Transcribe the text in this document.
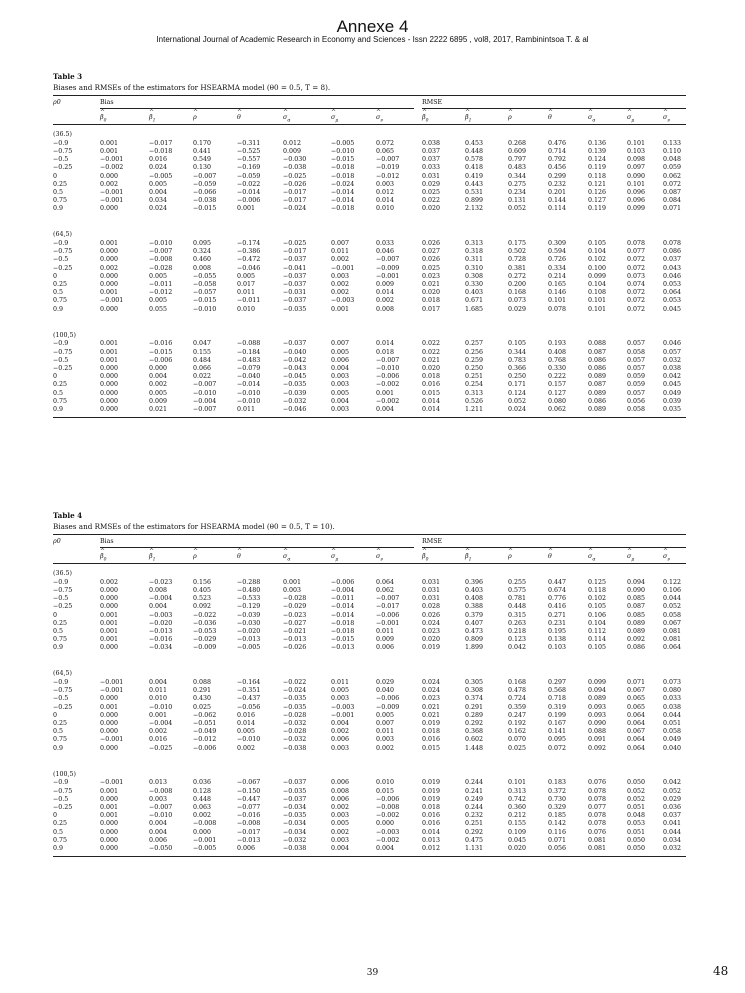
Annexe 4
International Journal of Academic Research in Economy and Sciences - Issn 2222 6895 , vol8, 2017, Rambinintsoa T. & al
Table 3
Biases and RMSEs of the estimators for HSEARMA model (θ0 = 0.5, T = 8).
ρ0	Bias	RMSE
^ $\beta_0$	^ $\beta_1$	^ ρ	^ θ	^ $\sigma_\alpha$	^ $\sigma_\mu$	^ $\sigma_\nu$	^ $\beta_0$	^ $\beta_1$	^ ρ	^ θ	^ $\sigma_\alpha$	^ $\sigma_\mu$	^ $\sigma_\nu$
(36.5)
−0.9	0.001	−0.017	0.170	−0.311	0.012	−0.005	0.072	0.038	0.453	0.268	0.476	0.136	0.101	0.133
−0.75	0.001	−0.018	0.441	−0.525	0.009	−0.010	0.065	0.037	0.448	0.609	0.714	0.139	0.103	0.110
−0.5	−0.001	0.016	0.549	−0.557	−0.030	−0.015	−0.007	0.037	0.578	0.797	0.792	0.124	0.098	0.048
−0.25	−0.002	0.024	0.130	−0.169	−0.038	−0.018	−0.019	0.033	0.418	0.483	0.456	0.119	0.097	0.059
0	0.000	−0.005	−0.007	−0.059	−0.025	−0.018	−0.012	0.031	0.419	0.344	0.299	0.118	0.090	0.062
0.25	0.002	0.005	−0.059	−0.022	−0.026	−0.024	0.003	0.029	0.443	0.275	0.232	0.121	0.101	0.072
0.5	−0.001	0.004	−0.066	−0.014	−0.017	−0.014	0.012	0.025	0.531	0.234	0.201	0.126	0.096	0.087
0.75	−0.001	0.034	−0.038	−0.006	−0.017	−0.014	0.014	0.022	0.899	0.131	0.144	0.127	0.096	0.084
0.9	0.000	0.024	−0.015	0.001	−0.024	−0.018	0.010	0.020	2.132	0.052	0.114	0.119	0.099	0.071
(64,5)
−0.9	0.001	−0.010	0.095	−0.174	−0.025	0.007	0.033	0.026	0.313	0.175	0.309	0.105	0.078	0.078
−0.75	0.000	−0.007	0.324	−0.386	−0.017	0.011	0.046	0.027	0.318	0.502	0.594	0.104	0.077	0.086
−0.5	0.000	−0.008	0.460	−0.472	−0.037	0.002	−0.007	0.026	0.311	0.728	0.726	0.102	0.072	0.037
−0.25	0.002	−0.028	0.008	−0.046	−0.041	−0.001	−0.009	0.025	0.310	0.381	0.334	0.100	0.072	0.043
0	0.000	0.005	−0.055	0.005	−0.037	0.003	−0.001	0.023	0.308	0.272	0.214	0.099	0.073	0.046
0.25	0.000	−0.011	−0.058	0.017	−0.037	0.002	0.009	0.021	0.330	0.200	0.165	0.104	0.074	0.053
0.5	0.001	−0.012	−0.057	0.011	−0.031	0.002	0.014	0.020	0.403	0.168	0.146	0.108	0.072	0.064
0.75	−0.001	0.005	−0.015	−0.011	−0.037	−0.003	0.002	0.018	0.671	0.073	0.101	0.101	0.072	0.053
0.9	0.000	0.055	−0.010	0.010	−0.035	0.001	0.008	0.017	1.685	0.029	0.078	0.101	0.072	0.045
(100,5)
−0.9	0.001	−0.016	0.047	−0.088	−0.037	0.007	0.014	0.022	0.257	0.105	0.193	0.088	0.057	0.046
−0.75	0.001	−0.015	0.155	−0.184	−0.040	0.005	0.018	0.022	0.256	0.344	0.408	0.087	0.058	0.057
−0.5	0.001	−0.006	0.484	−0.483	−0.042	0.006	−0.007	0.021	0.259	0.783	0.768	0.086	0.057	0.032
−0.25	0.000	0.000	0.066	−0.079	−0.043	0.004	−0.010	0.020	0.250	0.366	0.330	0.086	0.057	0.038
0	0.000	0.004	0.022	−0.040	−0.045	0.003	−0.006	0.018	0.251	0.250	0.222	0.089	0.059	0.042
0.25	0.000	0.002	−0.007	−0.014	−0.035	0.003	−0.002	0.016	0.254	0.171	0.157	0.087	0.059	0.045
0.5	0.000	0.005	−0.010	−0.010	−0.039	0.005	0.001	0.015	0.313	0.124	0.127	0.089	0.057	0.049
0.75	0.000	0.009	−0.004	−0.010	−0.032	0.004	−0.002	0.014	0.526	0.052	0.080	0.086	0.056	0.039
0.9	0.000	0.021	−0.007	0.011	−0.046	0.003	0.004	0.014	1.211	0.024	0.062	0.089	0.058	0.035
Table 4
Biases and RMSEs of the estimators for HSEARMA model (θ0 = 0.5, T = 10).
ρ0	Bias	RMSE
^ $\beta_0$	^ $\beta_1$	^ ρ	^ θ	^ $\sigma_\alpha$	^ $\sigma_\mu$	^ $\sigma_\nu$	^ $\beta_0$	^ $\beta_1$	^ ρ	^ θ	^ $\sigma_\alpha$	^ $\sigma_\mu$	^ $\sigma_\nu$
(36.5)
−0.9	0.002	−0.023	0.156	−0.288	0.001	−0.006	0.064	0.031	0.396	0.255	0.447	0.125	0.094	0.122
−0.75	0.000	0.008	0.405	−0.480	0.003	−0.004	0.062	0.031	0.403	0.575	0.674	0.118	0.090	0.106
−0.5	0.000	−0.004	0.523	−0.533	−0.028	−0.011	−0.007	0.031	0.408	0.781	0.776	0.102	0.085	0.044
−0.25	0.000	0.004	0.092	−0.129	−0.029	−0.014	−0.017	0.028	0.388	0.448	0.416	0.105	0.087	0.052
0	0.001	−0.003	−0.022	−0.039	−0.023	−0.014	−0.006	0.026	0.379	0.315	0.271	0.106	0.085	0.058
0.25	0.001	−0.020	−0.036	−0.030	−0.027	−0.018	−0.001	0.024	0.407	0.263	0.231	0.104	0.089	0.067
0.5	0.001	−0.013	−0.053	−0.020	−0.021	−0.018	0.011	0.023	0.473	0.218	0.195	0.112	0.089	0.081
0.75	0.001	−0.016	−0.029	−0.013	−0.013	−0.015	0.009	0.020	0.809	0.123	0.138	0.114	0.092	0.081
0.9	0.000	−0.034	−0.009	−0.005	−0.026	−0.013	0.006	0.019	1.899	0.042	0.103	0.105	0.086	0.064
(64,5)
−0.9	−0.001	0.004	0.088	−0.164	−0.022	0.011	0.029	0.024	0.305	0.168	0.297	0.099	0.071	0.073
−0.75	−0.001	0.011	0.291	−0.351	−0.024	0.005	0.040	0.024	0.308	0.478	0.568	0.094	0.067	0.080
−0.5	0.000	0.010	0.430	−0.437	−0.035	0.003	−0.006	0.023	0.374	0.724	0.718	0.089	0.065	0.033
−0.25	0.001	−0.010	0.025	−0.056	−0.035	−0.003	−0.009	0.021	0.291	0.359	0.319	0.093	0.065	0.038
0	0.000	0.001	−0.062	0.016	−0.028	−0.001	0.005	0.021	0.289	0.247	0.199	0.093	0.064	0.044
0.25	0.000	−0.004	−0.051	0.014	−0.032	0.004	0.007	0.019	0.292	0.192	0.167	0.090	0.064	0.051
0.5	0.000	0.002	−0.049	0.005	−0.028	0.002	0.011	0.018	0.368	0.162	0.141	0.088	0.067	0.058
0.75	−0.001	0.016	−0.012	−0.010	−0.032	0.006	0.003	0.016	0.602	0.070	0.095	0.091	0.064	0.049
0.9	0.000	−0.025	−0.006	0.002	−0.038	0.003	0.002	0.015	1.448	0.025	0.072	0.092	0.064	0.040
(100,5)
−0.9	−0.001	0.013	0.036	−0.067	−0.037	0.006	0.010	0.019	0.244	0.101	0.183	0.076	0.050	0.042
−0.75	0.001	−0.008	0.128	−0.150	−0.035	0.008	0.015	0.019	0.241	0.313	0.372	0.078	0.052	0.052
−0.5	0.000	0.003	0.448	−0.447	−0.037	0.006	−0.006	0.019	0.249	0.742	0.730	0.078	0.052	0.029
−0.25	0.001	−0.007	0.063	−0.077	−0.034	0.002	−0.008	0.018	0.244	0.360	0.329	0.077	0.051	0.036
0	0.001	−0.010	0.002	−0.016	−0.035	0.003	−0.002	0.016	0.232	0.212	0.185	0.078	0.048	0.037
0.25	0.000	0.004	−0.008	−0.008	−0.034	0.005	0.000	0.016	0.251	0.155	0.142	0.078	0.053	0.041
0.5	0.000	0.004	0.000	−0.017	−0.034	0.002	−0.003	0.014	0.292	0.109	0.116	0.076	0.051	0.044
0.75	0.000	0.006	−0.001	−0.013	−0.032	0.003	−0.002	0.013	0.475	0.045	0.071	0.081	0.050	0.034
0.9	0.000	−0.050	−0.005	0.006	−0.038	0.004	0.004	0.012	1.131	0.020	0.056	0.081	0.050	0.032
39	48
